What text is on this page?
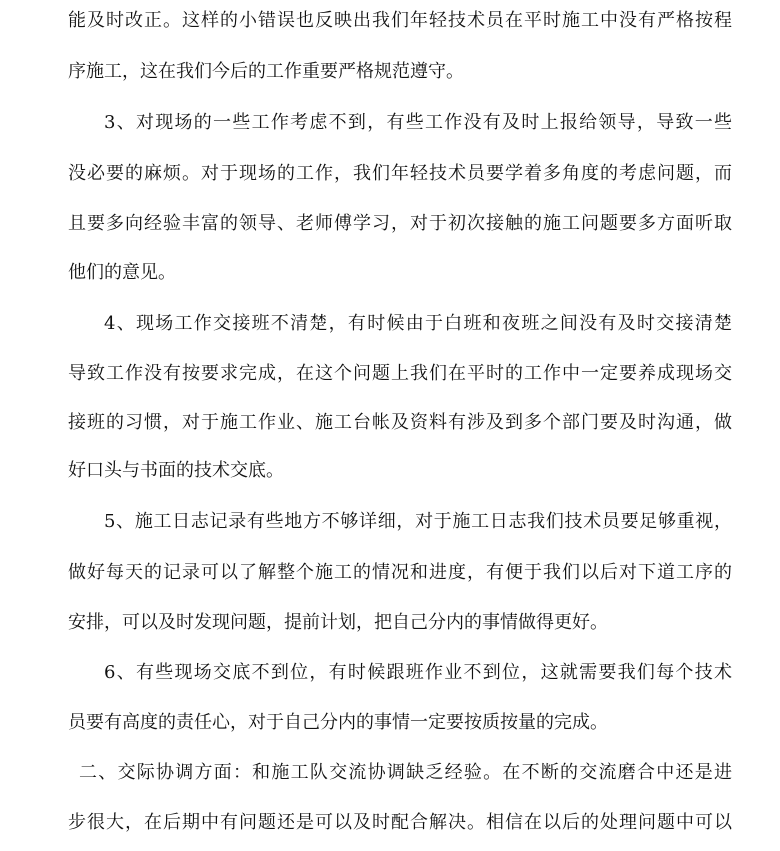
能及时改正。这样的小错误也反映出我们年轻技术员在平时施工中没有严格按程
序施工，这在我们今后的工作重要严格规范遵守。
3、对现场的一些工作考虑不到，有些工作没有及时上报给领导，导致一些
没必要的麻烦。对于现场的工作，我们年轻技术员要学着多角度的考虑问题，而
且要多向经验丰富的领导、老师傅学习，对于初次接触的施工问题要多方面听取
他们的意见。
4、现场工作交接班不清楚，有时候由于白班和夜班之间没有及时交接清楚
导致工作没有按要求完成，在这个问题上我们在平时的工作中一定要养成现场交
接班的习惯，对于施工作业、施工台帐及资料有涉及到多个部门要及时沟通，做
好口头与书面的技术交底。
5、施工日志记录有些地方不够详细，对于施工日志我们技术员要足够重视，
做好每天的记录可以了解整个施工的情况和进度，有便于我们以后对下道工序的
安排，可以及时发现问题，提前计划，把自己分内的事情做得更好。
6、有些现场交底不到位，有时候跟班作业不到位，这就需要我们每个技术
员要有高度的责任心，对于自己分内的事情一定要按质按量的完成。
二、交际协调方面：和施工队交流协调缺乏经验。在不断的交流磨合中还是进
步很大，在后期中有问题还是可以及时配合解决。相信在以后的处理问题中可以
